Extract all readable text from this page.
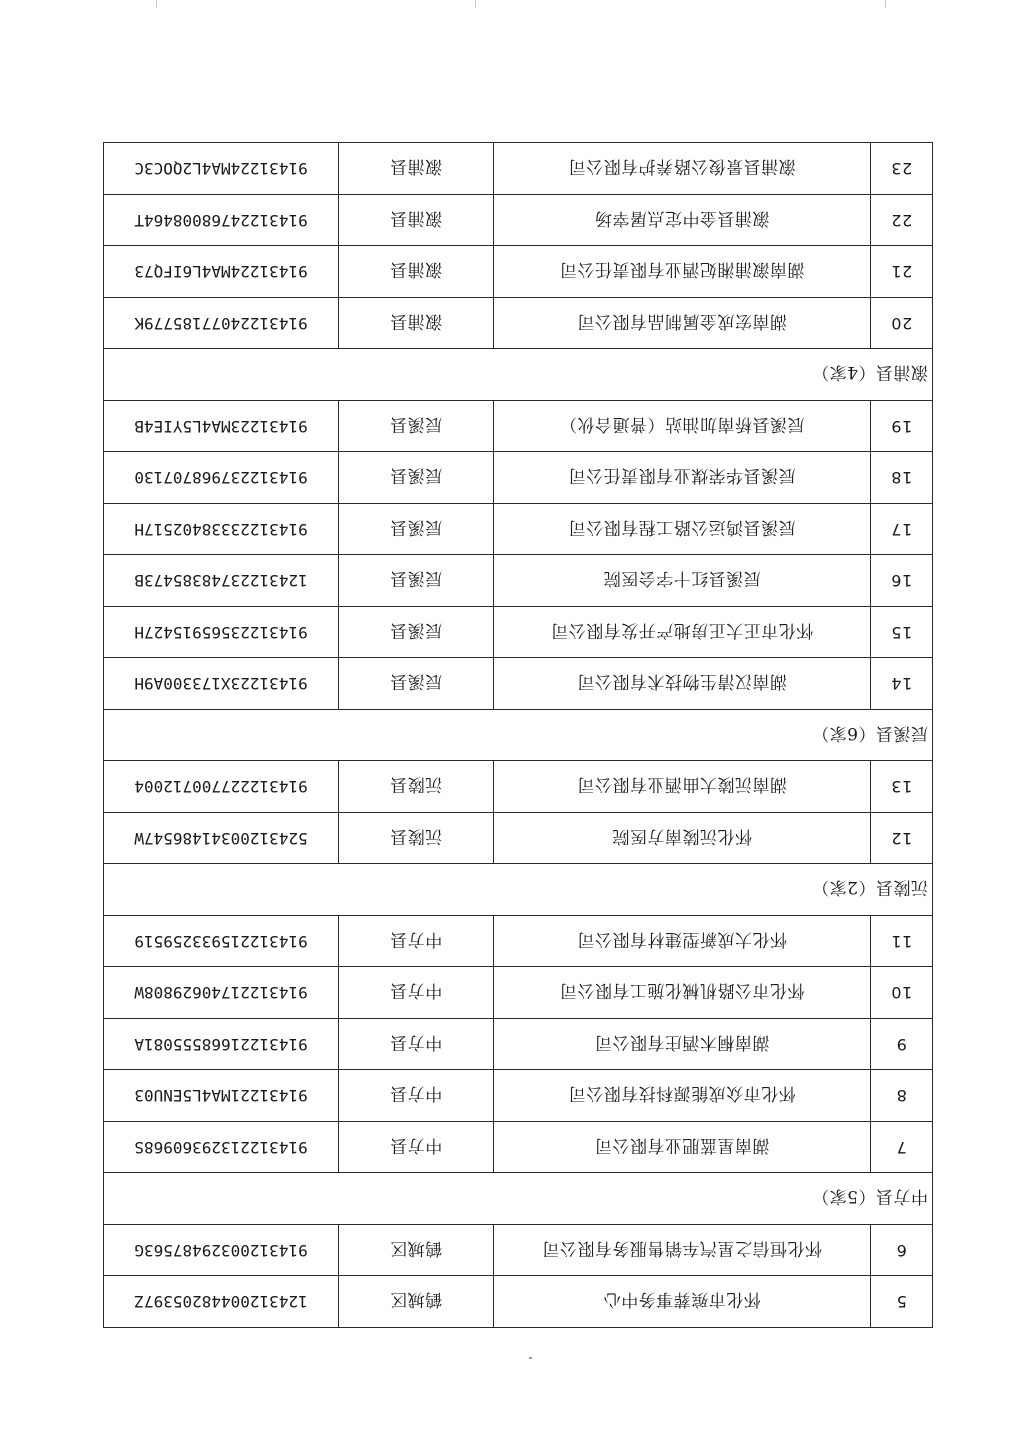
5	怀化市殡葬事务中心	鹤城区	12431200448205397Z
6	怀化恒信之星汽车销售服务有限公司	鹤城区	91431200329487563G
中方县（5家）			
7	湖南星蓝肥业有限公司	中方县	91431221329360968S
8	怀化市众成能源科技有限公司	中方县	91431221MA4L5ENU03
9	湖南桐木酒庄有限公司	中方县	91431221668555081A
10	怀化市公路机械化施工有限公司	中方县	91431221740629808W
11	怀化大成新型建材有限公司	中方县	914312215933259519
沅陵县（2家）			
12	怀化沅陵南方医院	沅陵县	52431200341486547W
13	湖南沅陵大曲酒业有限公司	沅陵县	914312227700712004
辰溪县（6家）			
14	湖南汉清生物技术有限公司	辰溪县	91431223X173300A9H
15	怀化市正大正房地产开发有限公司	辰溪县	91431223565915427H
16	辰溪县红十字会医院	辰溪县	12431223748385473B
17	辰溪县鸿运公路工程有限公司	辰溪县	91431223338402517H
18	辰溪县华荣煤业有限责任公司	辰溪县	914312237968707130
19	辰溪县桥南加油站（普通合伙）	辰溪县	91431223MA4L5YIE4B
溆浦县（4家）			
20	湖南宏成金属制品有限公司	溆浦县	91431224077185779K
21	湖南溆浦湘妃酒业有限责任公司	溆浦县	91431224MA4L6IFQ73
22	溆浦县金中定点屠宰场	溆浦县	91431224768008464T
23	溆浦县景俊公路养护有限公司	溆浦县	91431224MA4L2QOC3C
